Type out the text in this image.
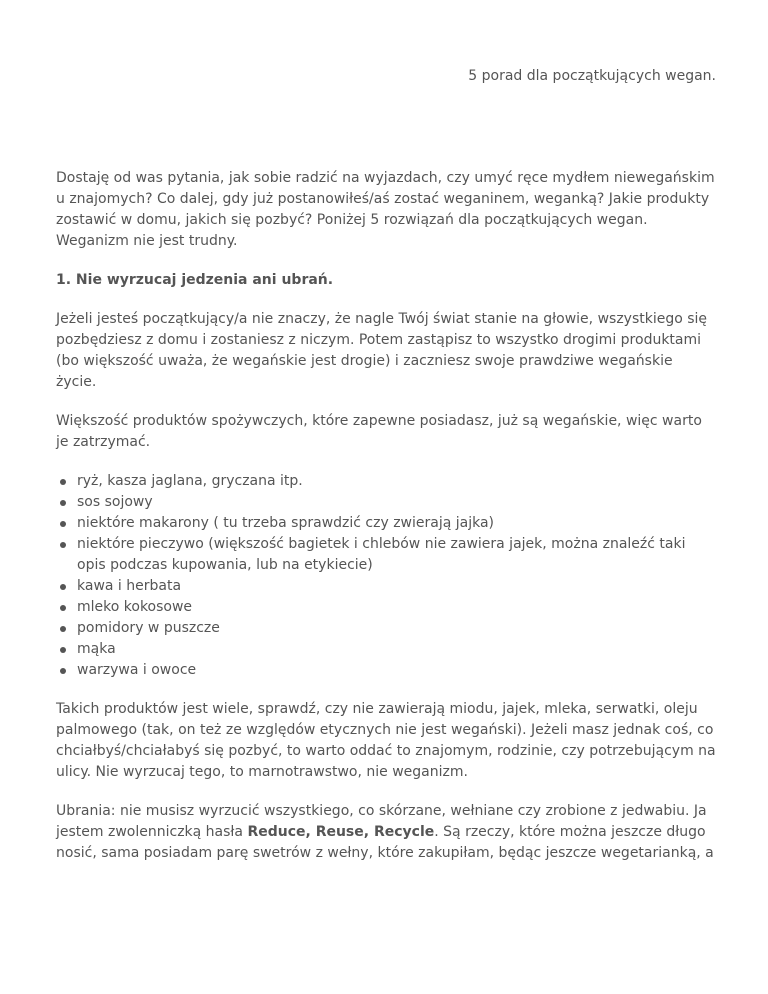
5 porad dla początkujących wegan.

Dostaję od was pytania, jak sobie radzić na wyjazdach, czy umyć ręce mydłem niewegańskim u znajomych? Co dalej, gdy już postanowiłeś/aś zostać weganinem, weganką? Jakie produkty zostawić w domu, jakich się pozbyć? Poniżej 5 rozwiązań dla początkujących wegan. Weganizm nie jest trudny.

1. Nie wyrzucaj jedzenia ani ubrań.

Jeżeli jesteś początkujący/a nie znaczy, że nagle Twój świat stanie na głowie, wszystkiego się pozbędziesz z domu i zostaniesz z niczym. Potem zastąpisz to wszystko drogimi produktami (bo większość uważa, że wegańskie jest drogie) i zaczniesz swoje prawdziwe wegańskie życie.

Większość produktów spożywczych, które zapewne posiadasz, już są wegańskie, więc warto je zatrzymać.

ryż, kasza jaglana, gryczana itp.
sos sojowy
niektóre makarony ( tu trzeba sprawdzić czy zwierają jajka)
niektóre pieczywo (większość bagietek i chlebów nie zawiera jajek, można znaleźć taki opis podczas kupowania, lub na etykiecie)
kawa i herbata
mleko kokosowe
pomidory w puszcze
mąka
warzywa i owoce

Takich produktów jest wiele, sprawdź, czy nie zawierają miodu, jajek, mleka, serwatki, oleju palmowego (tak, on też ze względów etycznych nie jest wegański). Jeżeli masz jednak coś, co chciałbyś/chciałabyś się pozbyć, to warto oddać to znajomym, rodzinie, czy potrzebującym na ulicy. Nie wyrzucaj tego, to marnotrawstwo, nie weganizm.

Ubrania: nie musisz wyrzucić wszystkiego, co skórzane, wełniane czy zrobione z jedwabiu. Ja jestem zwolenniczką hasła Reduce, Reuse, Recycle. Są rzeczy, które można jeszcze długo nosić, sama posiadam parę swetrów z wełny, które zakupiłam, będąc jeszcze wegetarianką, a
